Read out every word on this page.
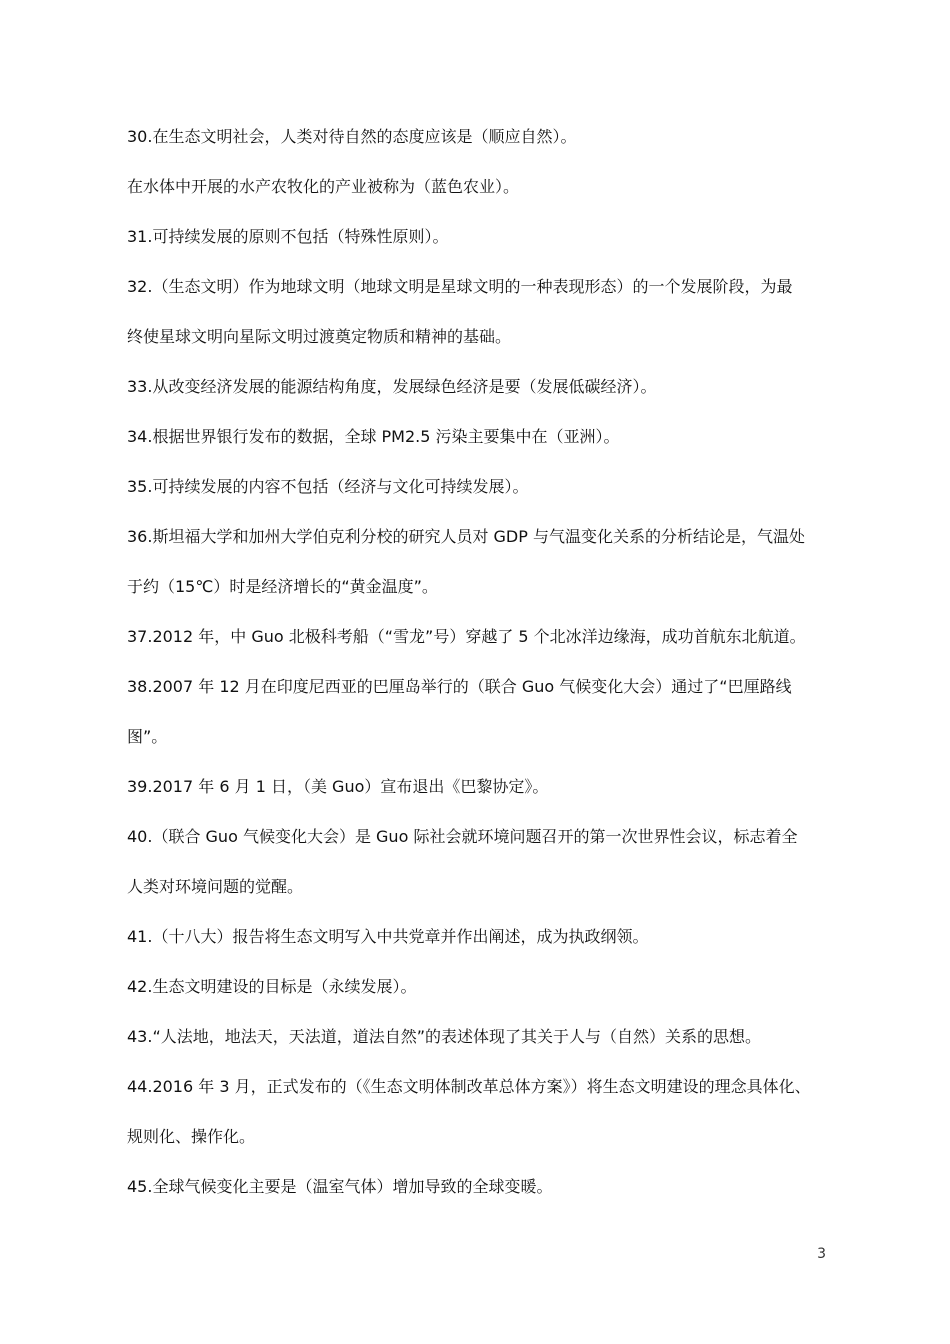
30.在生态文明社会，人类对待自然的态度应该是（顺应自然）。
在水体中开展的水产农牧化的产业被称为（蓝色农业）。
31.可持续发展的原则不包括（特殊性原则）。
32.（生态文明）作为地球文明（地球文明是星球文明的一种表现形态）的一个发展阶段，为最
终使星球文明向星际文明过渡奠定物质和精神的基础。
33.从改变经济发展的能源结构角度，发展绿色经济是要（发展低碳经济）。
34.根据世界银行发布的数据，全球 PM2.5 污染主要集中在（亚洲）。
35.可持续发展的内容不包括（经济与文化可持续发展）。
36.斯坦福大学和加州大学伯克利分校的研究人员对 GDP 与气温变化关系的分析结论是，气温处
于约（15℃）时是经济增长的“黄金温度”。
37.2012 年，中 Guo 北极科考船（“雪龙”号）穿越了 5 个北冰洋边缘海，成功首航东北航道。
38.2007 年 12 月在印度尼西亚的巴厘岛举行的（联合 Guo 气候变化大会）通过了“巴厘路线
图”。
39.2017 年 6 月 1 日，（美 Guo）宣布退出《巴黎协定》。
40.（联合 Guo 气候变化大会）是 Guo 际社会就环境问题召开的第一次世界性会议，标志着全
人类对环境问题的觉醒。
41.（十八大）报告将生态文明写入中共党章并作出阐述，成为执政纲领。
42.生态文明建设的目标是（永续发展）。
43.“人法地，地法天，天法道，道法自然”的表述体现了其关于人与（自然）关系的思想。
44.2016 年 3 月，正式发布的（《生态文明体制改革总体方案》）将生态文明建设的理念具体化、
规则化、操作化。
45.全球气候变化主要是（温室气体）增加导致的全球变暖。
3
